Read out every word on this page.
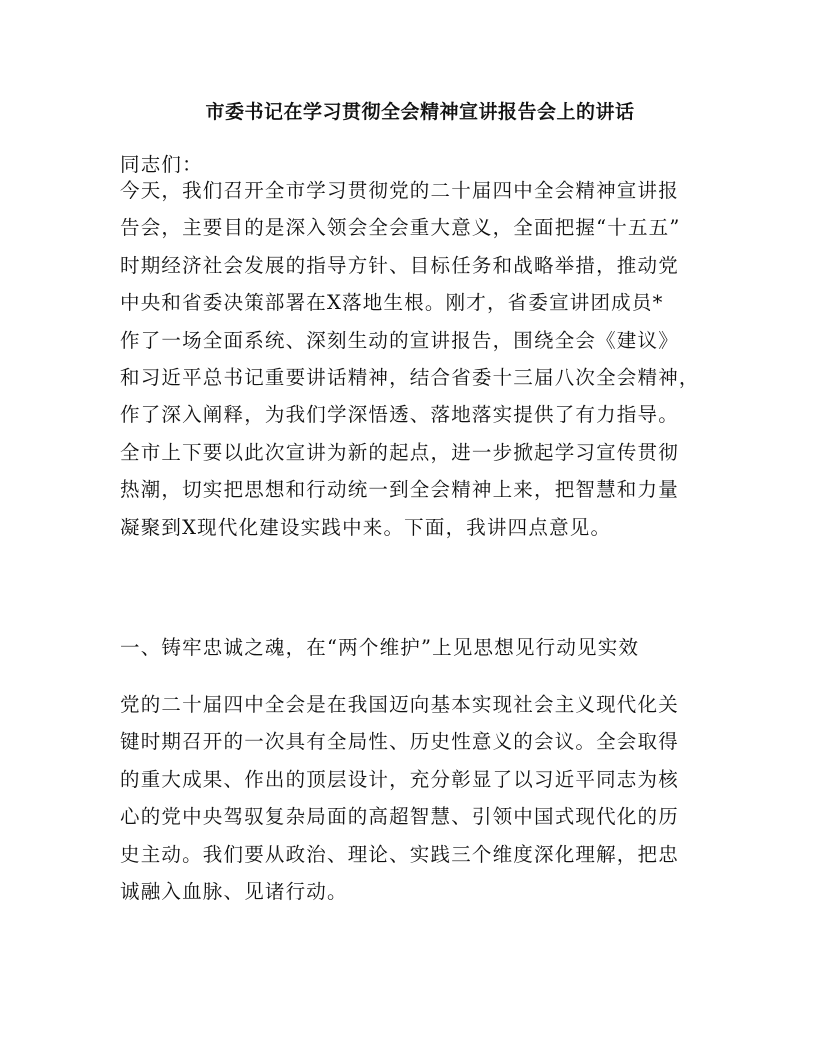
市委书记在学习贯彻全会精神宣讲报告会上的讲话

同志们：

今天，我们召开全市学习贯彻党的二十届四中全会精神宣讲报
告会，主要目的是深入领会全会重大意义，全面把握“十五五”
时期经济社会发展的指导方针、目标任务和战略举措，推动党
中央和省委决策部署在X落地生根。刚才，省委宣讲团成员*
作了一场全面系统、深刻生动的宣讲报告，围绕全会《建议》
和习近平总书记重要讲话精神，结合省委十三届八次全会精神，
作了深入阐释，为我们学深悟透、落地落实提供了有力指导。
全市上下要以此次宣讲为新的起点，进一步掀起学习宣传贯彻
热潮，切实把思想和行动统一到全会精神上来，把智慧和力量
凝聚到X现代化建设实践中来。下面，我讲四点意见。

一、铸牢忠诚之魂，在“两个维护”上见思想见行动见实效

党的二十届四中全会是在我国迈向基本实现社会主义现代化关
键时期召开的一次具有全局性、历史性意义的会议。全会取得
的重大成果、作出的顶层设计，充分彰显了以习近平同志为核
心的党中央驾驭复杂局面的高超智慧、引领中国式现代化的历
史主动。我们要从政治、理论、实践三个维度深化理解，把忠
诚融入血脉、见诸行动。
